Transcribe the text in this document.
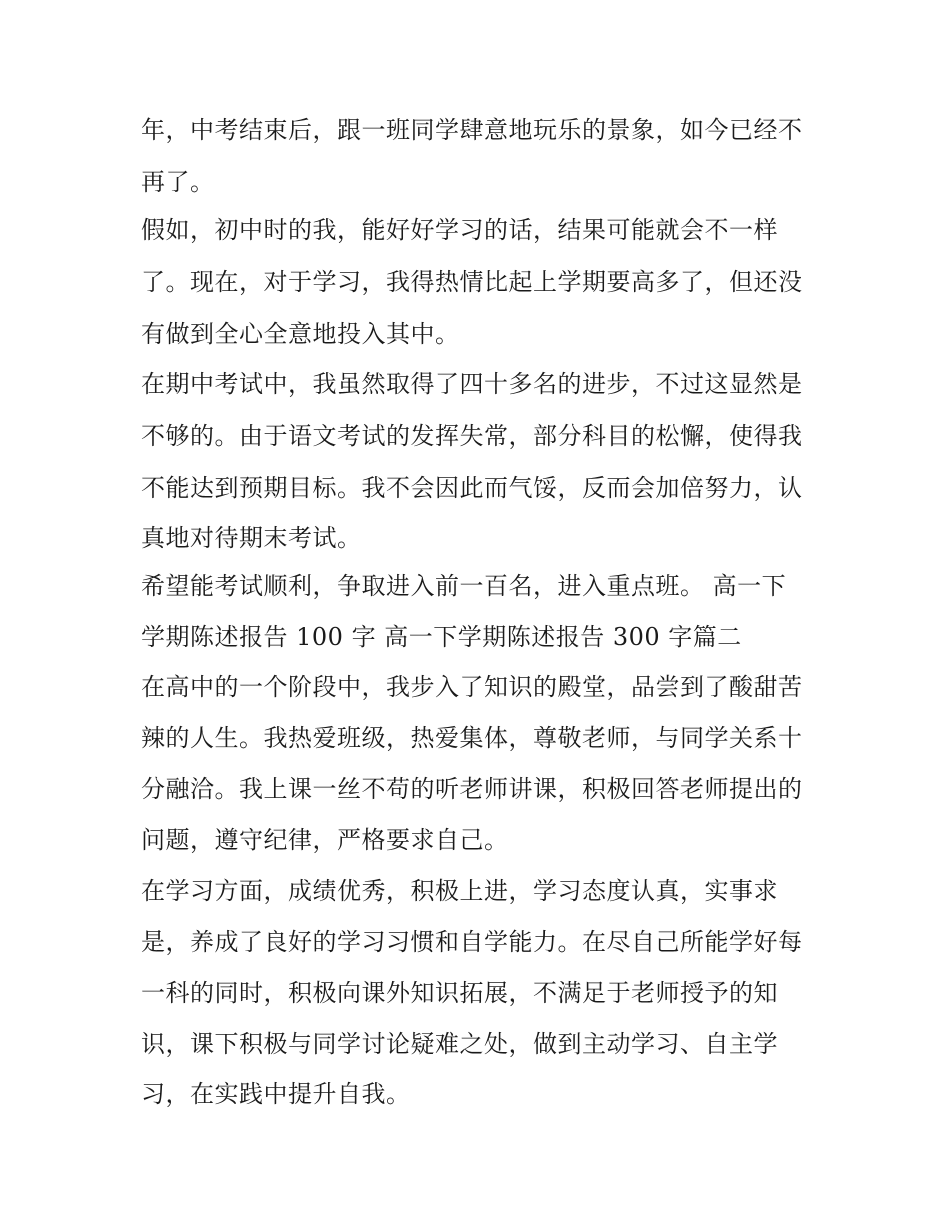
年，中考结束后，跟一班同学肆意地玩乐的景象，如今已经不
再了。
假如，初中时的我，能好好学习的话，结果可能就会不一样
了。现在，对于学习，我得热情比起上学期要高多了，但还没
有做到全心全意地投入其中。
在期中考试中，我虽然取得了四十多名的进步，不过这显然是
不够的。由于语文考试的发挥失常，部分科目的松懈，使得我
不能达到预期目标。我不会因此而气馁，反而会加倍努力，认
真地对待期末考试。
希望能考试顺利，争取进入前一百名，进入重点班。 高一下
学期陈述报告 100 字 高一下学期陈述报告 300 字篇二
在高中的一个阶段中，我步入了知识的殿堂，品尝到了酸甜苦
辣的人生。我热爱班级，热爱集体，尊敬老师，与同学关系十
分融洽。我上课一丝不苟的听老师讲课，积极回答老师提出的
问题，遵守纪律，严格要求自己。
在学习方面，成绩优秀，积极上进，学习态度认真，实事求
是，养成了良好的学习习惯和自学能力。在尽自己所能学好每
一科的同时，积极向课外知识拓展，不满足于老师授予的知
识，课下积极与同学讨论疑难之处，做到主动学习、自主学
习，在实践中提升自我。
